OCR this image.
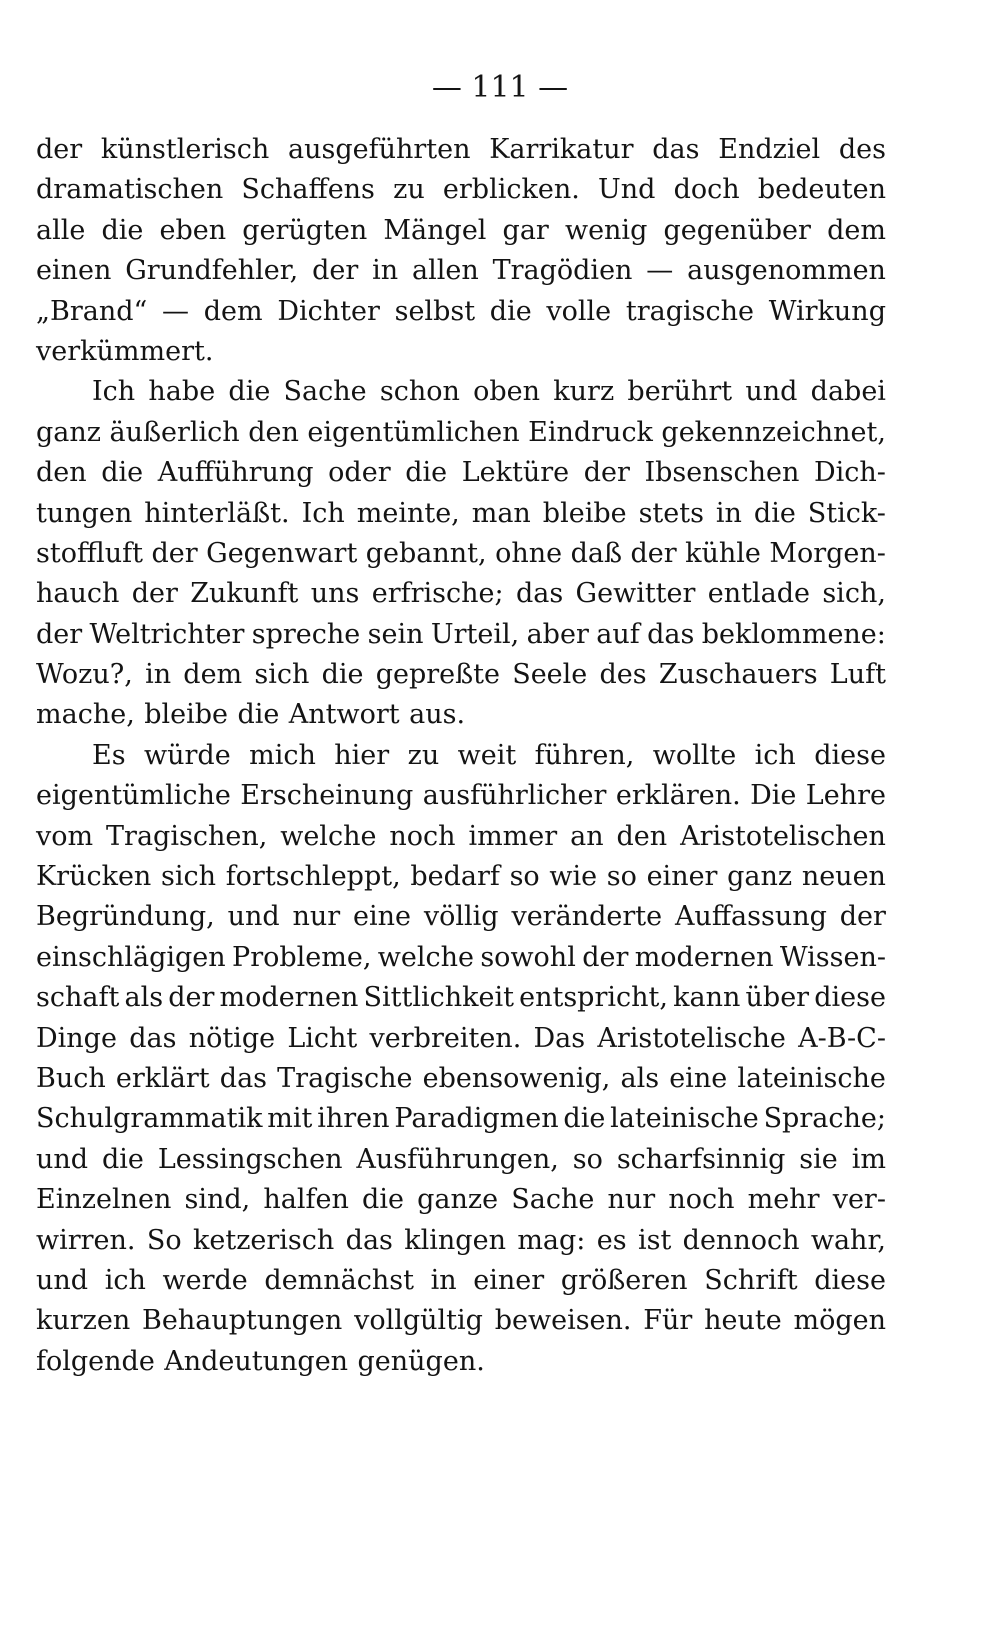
— 111 —
der künstlerisch ausgeführten Karrikatur das Endziel des
dramatischen Schaffens zu erblicken. Und doch bedeuten
alle die eben gerügten Mängel gar wenig gegenüber dem
einen Grundfehler, der in allen Tragödien — ausgenommen
„Brand“ — dem Dichter selbst die volle tragische Wirkung
verkümmert.
Ich habe die Sache schon oben kurz berührt und dabei
ganz äußerlich den eigentümlichen Eindruck gekennzeichnet,
den die Aufführung oder die Lektüre der Ibsenschen Dich-
tungen hinterläßt. Ich meinte, man bleibe stets in die Stick-
stoffluft der Gegenwart gebannt, ohne daß der kühle Morgen-
hauch der Zukunft uns erfrische; das Gewitter entlade sich,
der Weltrichter spreche sein Urteil, aber auf das beklommene:
Wozu?, in dem sich die gepreßte Seele des Zuschauers Luft
mache, bleibe die Antwort aus.
Es würde mich hier zu weit führen, wollte ich diese
eigentümliche Erscheinung ausführlicher erklären. Die Lehre
vom Tragischen, welche noch immer an den Aristotelischen
Krücken sich fortschleppt, bedarf so wie so einer ganz neuen
Begründung, und nur eine völlig veränderte Auffassung der
einschlägigen Probleme, welche sowohl der modernen Wissen-
schaft als der modernen Sittlichkeit entspricht, kann über diese
Dinge das nötige Licht verbreiten. Das Aristotelische A-B-C-
Buch erklärt das Tragische ebensowenig, als eine lateinische
Schulgrammatik mit ihren Paradigmen die lateinische Sprache;
und die Lessingschen Ausführungen, so scharfsinnig sie im
Einzelnen sind, halfen die ganze Sache nur noch mehr ver-
wirren. So ketzerisch das klingen mag: es ist dennoch wahr,
und ich werde demnächst in einer größeren Schrift diese
kurzen Behauptungen vollgültig beweisen. Für heute mögen
folgende Andeutungen genügen.
